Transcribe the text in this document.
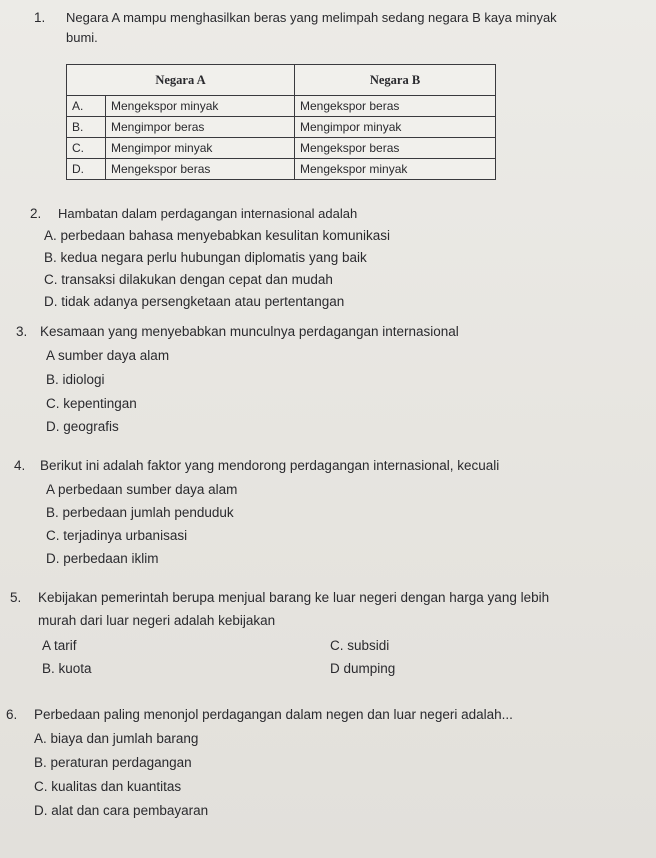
1. Negara A mampu menghasilkan beras yang melimpah sedang negara B kaya minyak
bumi.
Negara A		Negara B
A.	Mengekspor minyak	Mengekspor beras
B.	Mengimpor beras	Mengimpor minyak
C.	Mengimpor minyak	Mengekspor beras
D.	Mengekspor beras	Mengekspor minyak
2. Hambatan dalam perdagangan internasional adalah
A. perbedaan bahasa menyebabkan kesulitan komunikasi
B. kedua negara perlu hubungan diplomatis yang baik
C. transaksi dilakukan dengan cepat dan mudah
D. tidak adanya persengketaan atau pertentangan
3. Kesamaan yang menyebabkan munculnya perdagangan internasional
A sumber daya alam
B. idiologi
C. kepentingan
D. geografis
4. Berikut ini adalah faktor yang mendorong perdagangan internasional, kecuali
A perbedaan sumber daya alam
B. perbedaan jumlah penduduk
C. terjadinya urbanisasi
D. perbedaan iklim
5. Kebijakan pemerintah berupa menjual barang ke luar negeri dengan harga yang lebih
murah dari luar negeri adalah kebijakan
A tarif	C. subsidi
B. kuota	D dumping
6. Perbedaan paling menonjol perdagangan dalam negen dan luar negeri adalah...
A. biaya dan jumlah barang
B. peraturan perdagangan
C. kualitas dan kuantitas
D. alat dan cara pembayaran
